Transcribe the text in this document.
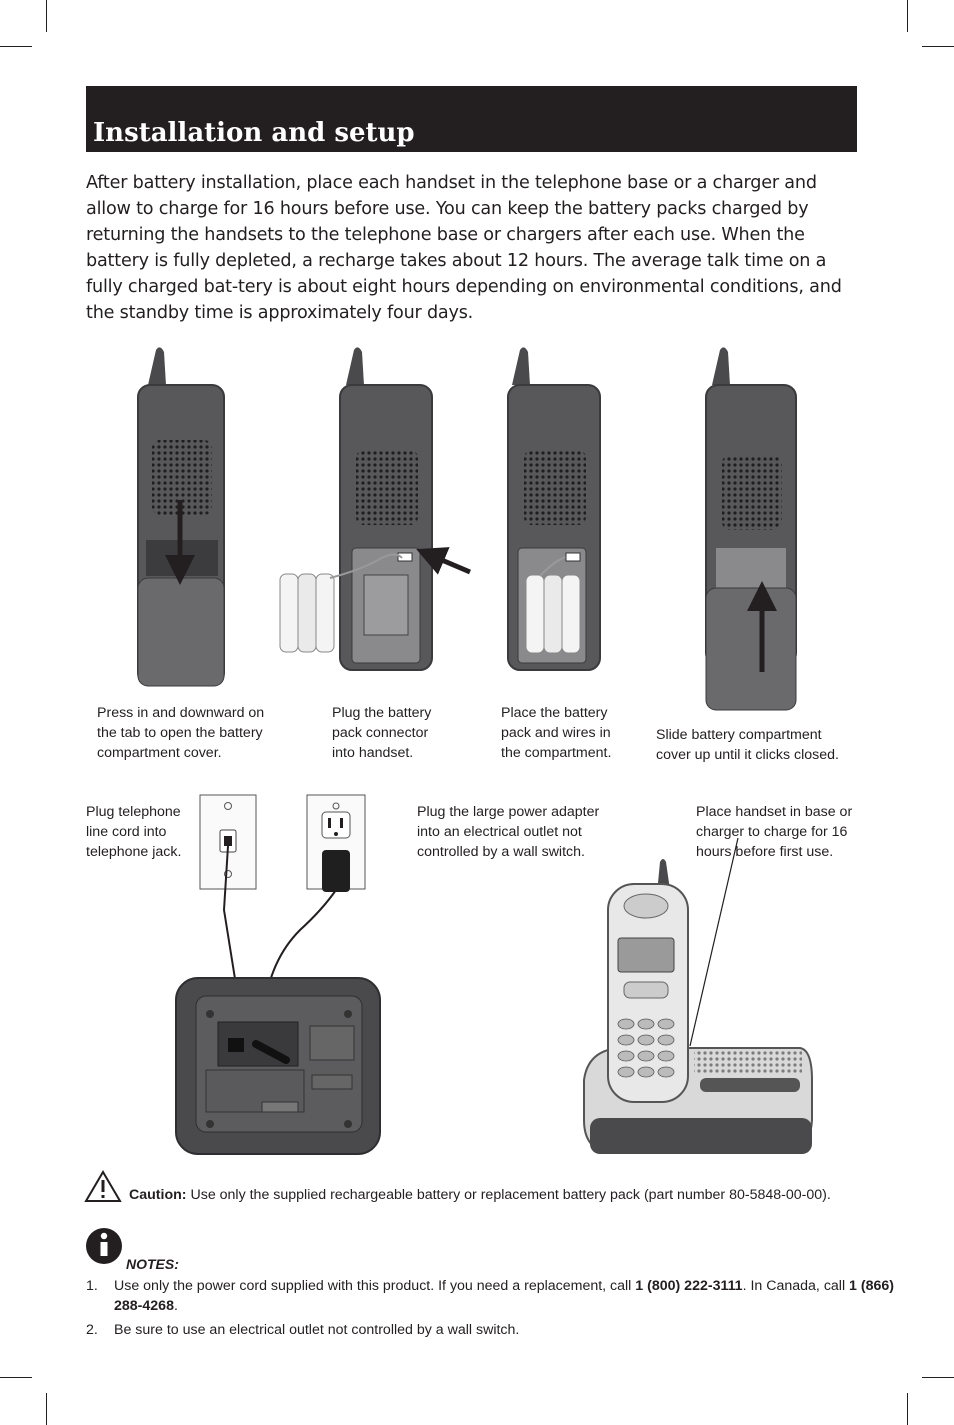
Installation and setup

After battery installation, place each handset in the telephone base or a charger and allow to charge for 16 hours before use. You can keep the battery packs charged by returning the handsets to the telephone base or chargers after each use. When the battery is fully depleted, a recharge takes about 12 hours. The average talk time on a fully charged bat-tery is about eight hours depending on environmental conditions, and the standby time is approximately four days.

Press in and downward on the tab to open the battery compartment cover.

Plug the battery pack connector into handset.

Place the battery pack and wires in the compartment.

Slide battery compartment cover up until it clicks closed.

Plug telephone line cord into telephone jack.

Plug the large power adapter into an electrical outlet not controlled by a wall switch.

Place handset in base or charger to charge for 16 hours before first use.

Caution: Use only the supplied rechargeable battery or replacement battery pack (part number 80-5848-00-00).
NOTES:
1. Use only the power cord supplied with this product. If you need a replacement, call 1 (800) 222-3111. In Canada, call 1 (866) 288-4268.
2. Be sure to use an electrical outlet not controlled by a wall switch.
